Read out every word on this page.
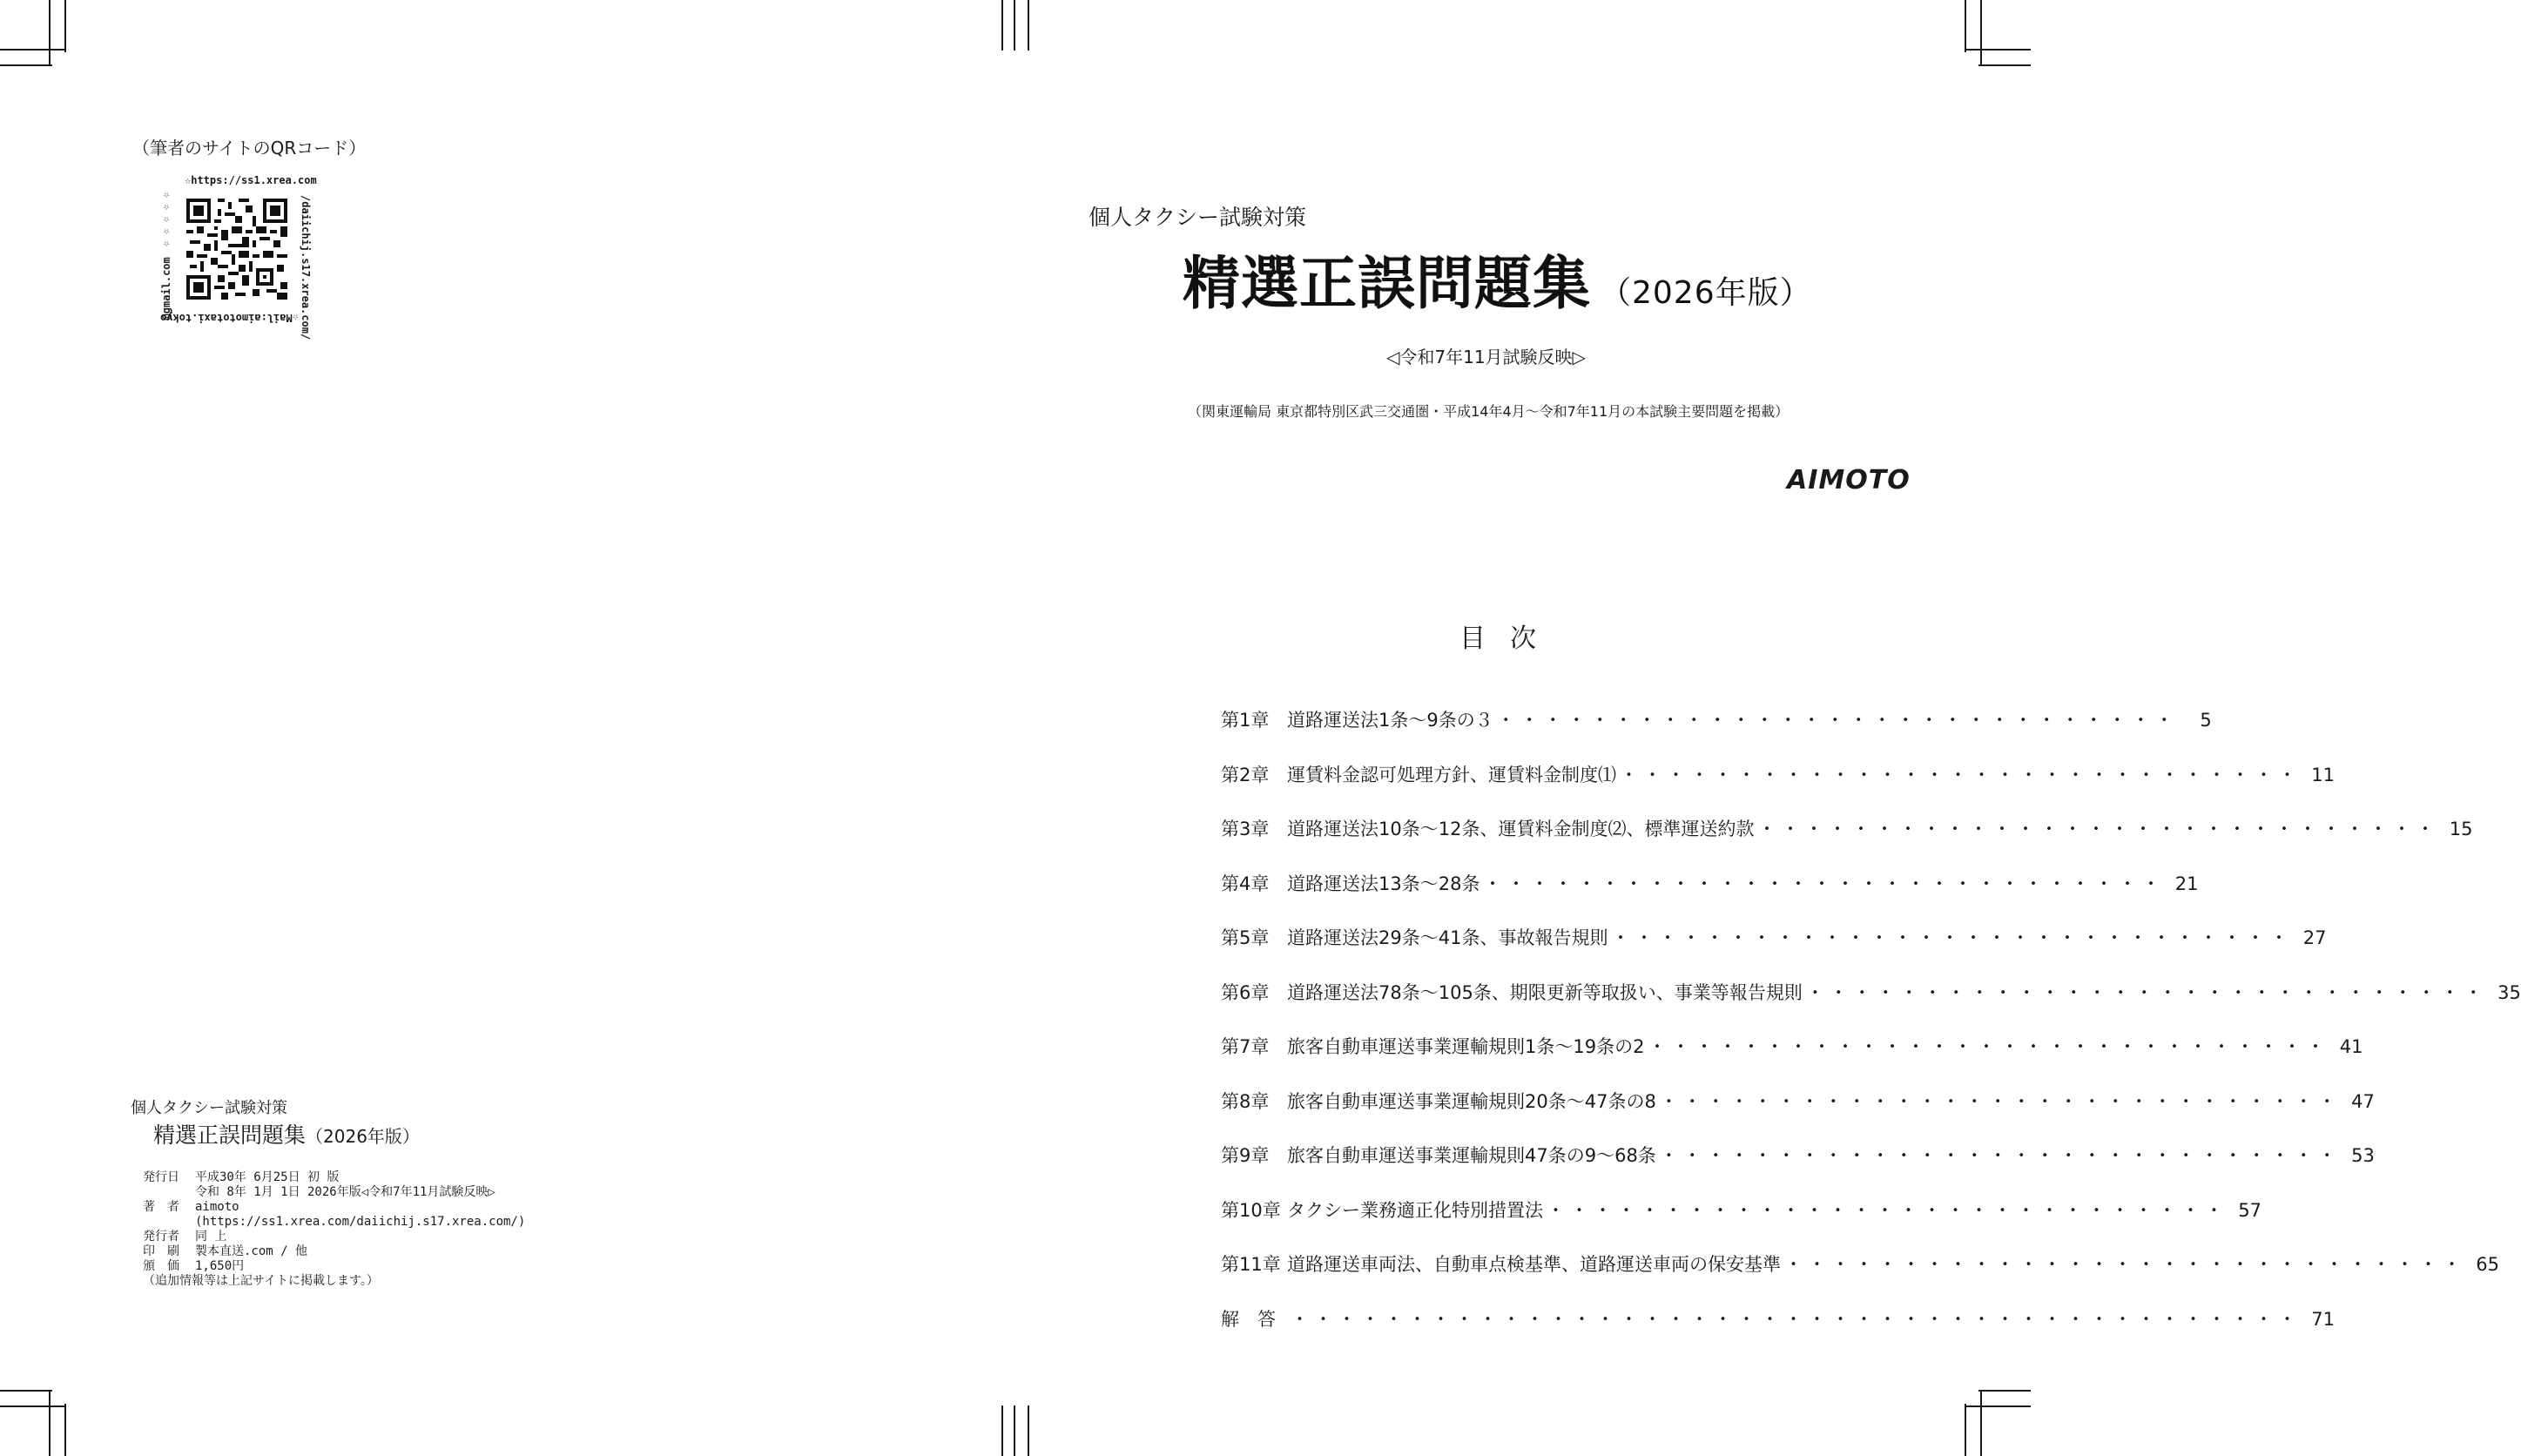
（筆者のサイトのQRコード）
☆https://ss1.xrea.com
/daiichij.s17.xrea.com/
☆Mail:aimototaxi.tokyo
@gmail.com ☆☆☆☆☆
個人タクシー試験対策
精選正誤問題集（2026年版）
発行日	平成30年 6月25日 初 版
令和 8年 1月 1日 2026年版◁令和7年11月試験反映▷
著　者	aimoto
(https://ss1.xrea.com/daiichij.s17.xrea.com/)
発行者	同 上
印　刷	製本直送.com / 他
頒　価	1,650円
（追加情報等は上記サイトに掲載します。）
個人タクシー試験対策
精選正誤問題集 （2026年版）
◁令和7年11月試験反映▷
（関東運輸局 東京都特別区武三交通圏・平成14年4月～令和7年11月の本試験主要問題を掲載）
AIMOTO
目次
第1章 道路運送法1条～9条の３ ・・・・・・・・・・・・・・・・・・・・・・・・・・・・・	5
第2章 運賃料金認可処理方針、運賃料金制度⑴ ・・・・・・・・・・・・・・・・・・・・・・・・・・・・・ 11
第3章 道路運送法10条～12条、運賃料金制度⑵、標準運送約款 ・・・・・・・・・・・・・・・・・・・・・・・・・・・・・ 15
第4章 道路運送法13条～28条 ・・・・・・・・・・・・・・・・・・・・・・・・・・・・・ 21
第5章 道路運送法29条～41条、事故報告規則 ・・・・・・・・・・・・・・・・・・・・・・・・・・・・・ 27
第6章 道路運送法78条～105条、期限更新等取扱い、事業等報告規則 ・・・・・・・・・・・・・・・・・・・・・・・・・・・・・ 35
第7章 旅客自動車運送事業運輸規則1条～19条の2 ・・・・・・・・・・・・・・・・・・・・・・・・・・・・・ 41
第8章 旅客自動車運送事業運輸規則20条～47条の8 ・・・・・・・・・・・・・・・・・・・・・・・・・・・・・ 47
第9章 旅客自動車運送事業運輸規則47条の9～68条 ・・・・・・・・・・・・・・・・・・・・・・・・・・・・・ 53
第10章 タクシー業務適正化特別措置法 ・・・・・・・・・・・・・・・・・・・・・・・・・・・・・ 57
第11章 道路運送車両法、自動車点検基準、道路運送車両の保安基準 ・・・・・・・・・・・・・・・・・・・・・・・・・・・・・ 65
解　答 ・・・・・・・・・・・・・・・・・・・・・・・・・・・・・・・・・・・・・・・・・・・ 71
